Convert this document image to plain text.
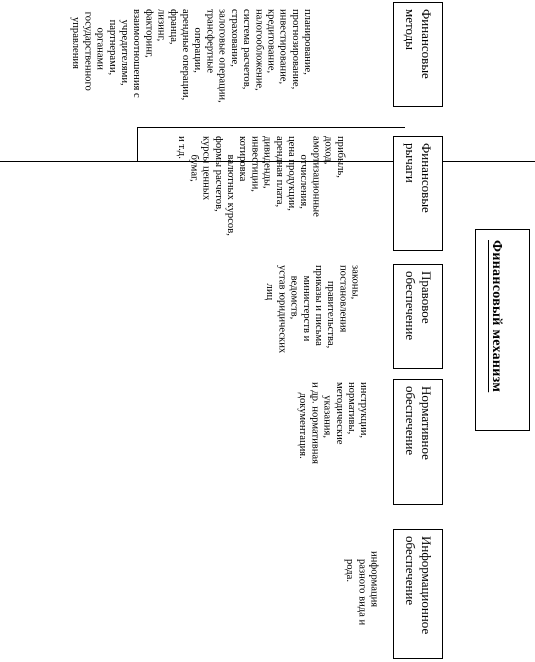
Финансовый механизм
Финансовые
методы
планирование,
прогнозирование,
инвестирование,
кредитование,
налогообложение,
система расчетов,
страхование,
залоговые операции,
трансфертные
операции,
арендные операции,
франца,
лизинг,
факторинг,
взаимоотношения с
учредителями,
партнерами,
органами
государственного
управления
Финансовые
рычаги
прибыль,
доход,
амортизационные
отчисления,
цена продукции,
арендная плата,
дивиденды,
инвестиции,
котировка
валютных курсов,
формы расчетов,
курсы ценных
бумаг,
и т.д.
Правовое
обеспечение
законы,
постановления
правительства,
приказы и письма
министерств и
ведомств,
устав юридических
лиц
Нормативное
обеспечение
инструкции,
нормативы,
методические
указания,
и др. нормативная
документация.
Информационное
обеспечение
информация
разного вида и
рода.
